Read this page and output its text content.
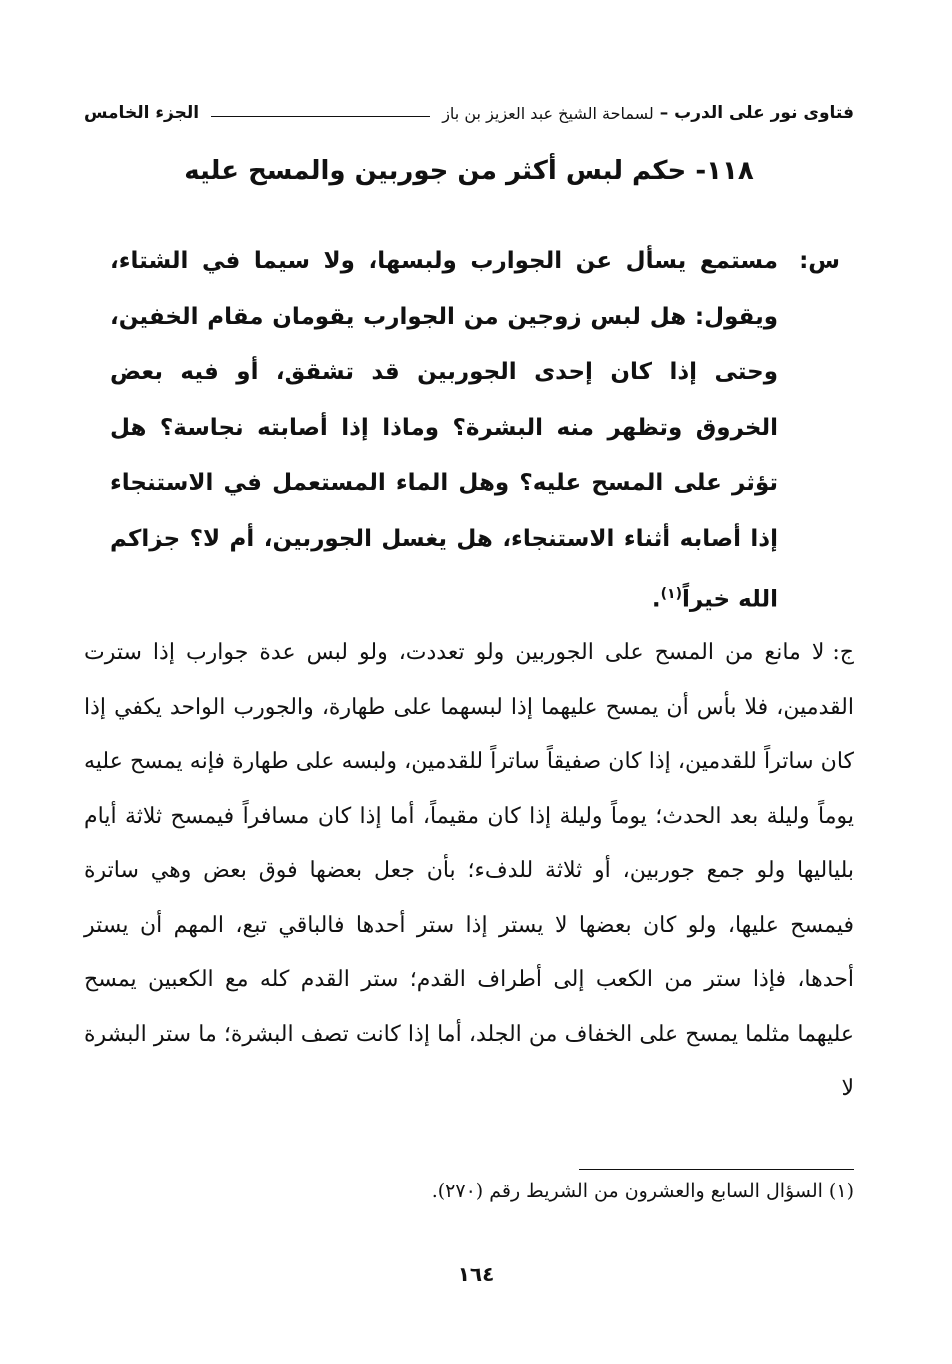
فتاوى نور على الدرب

–
لسماحة الشيخ عبد العزيز بن باز
الجزء الخامس
١١٨- حكم لبس أكثر من جوربين والمسح عليه
س:
مستمع يسأل عن الجوارب ولبسها، ولا سيما في الشتاء، ويقول: هل لبس زوجين من الجوارب يقومان مقام الخفين، وحتى إذا كان إحدى الجوربين قد تشقق، أو فيه بعض الخروق وتظهر منه البشرة؟ وماذا إذا أصابته نجاسة؟ هل تؤثر على المسح عليه؟ وهل الماء المستعمل في الاستنجاء إذا أصابه أثناء الاستنجاء، هل يغسل الجوربين، أم لا؟ جزاكم الله خيراً$^{(١)}$.
ج:لا مانع من المسح على الجوربين ولو تعددت، ولو لبس عدة جوارب إذا سترت القدمين، فلا بأس أن يمسح عليهما إذا لبسهما على طهارة، والجورب الواحد يكفي إذا كان ساتراً للقدمين، إذا كان صفيقاً ساتراً للقدمين، ولبسه على طهارة فإنه يمسح عليه يوماً وليلة بعد الحدث؛ يوماً وليلة إذا كان مقيماً، أما إذا كان مسافراً فيمسح ثلاثة أيام بلياليها ولو جمع جوربين، أو ثلاثة للدفء؛ بأن جعل بعضها فوق بعض وهي ساترة فيمسح عليها، ولو كان بعضها لا يستر إذا ستر أحدها فالباقي تبع، المهم أن يستر أحدها، فإذا ستر من الكعب إلى أطراف القدم؛ ستر القدم كله مع الكعبين يمسح عليهما مثلما يمسح على الخفاف من الجلد، أما إذا كانت تصف البشرة؛ ما ستر البشرة لا
(١) السؤال السابع والعشرون من الشريط رقم (٢٧٠).
١٦٤
